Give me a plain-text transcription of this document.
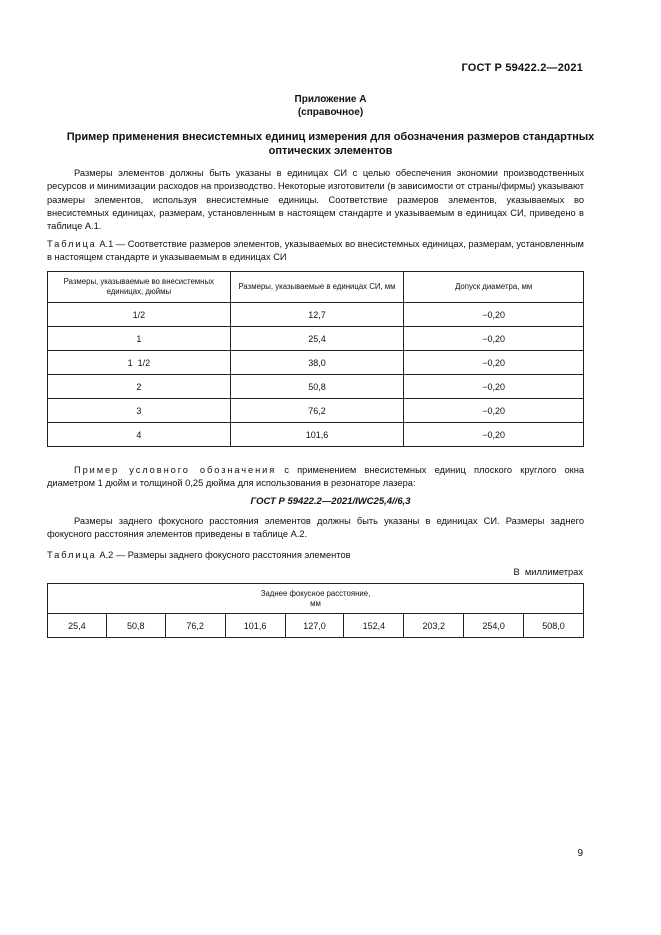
ГОСТ Р 59422.2—2021
Приложение А
(справочное)
Пример применения внесистемных единиц измерения для обозначения размеров стандартных
оптических элементов
Размеры элементов должны быть указаны в единицах СИ с целью обеспечения экономии производственных ресурсов и минимизации расходов на производство. Некоторые изготовители (в зависимости от страны/фирмы) указывают размеры элементов, используя внесистемные единицы. Соответствие размеров элементов, указываемых во внесистемных единицах, размерам, установленным в настоящем стандарте и указываемым в единицах СИ, приведено в таблице А.1.
Таблица А.1 — Соответствие размеров элементов, указываемых во внесистемных единицах, размерам, установленным в настоящем стандарте и указываемым в единицах СИ
Размеры, указываемые во внесистемных единицах, дюймы	Размеры, указываемые в единицах СИ, мм	Допуск диаметра, мм
1/2	12,7	−0,20
1	25,4	−0,20
1  1/2	38,0	−0,20
2	50,8	−0,20
3	76,2	−0,20
4	101,6	−0,20
Пример условного обозначения с применением внесистемных единиц плоского круглого окна диаметром 1 дюйм и толщиной 0,25 дюйма для использования в резонаторе лазера:
ГОСТ Р 59422.2—2021/IWC25,4//6,3
Размеры заднего фокусного расстояния элементов должны быть указаны в единицах СИ. Размеры заднего фокусного расстояния элементов приведены в таблице А.2.
Таблица А.2 — Размеры заднего фокусного расстояния элементов
В  миллиметрах
Заднее фокусное расстояние,
мм

25,4	50,8	76,2	101,6	127,0	152,4	203,2	254,0	508,0
9
